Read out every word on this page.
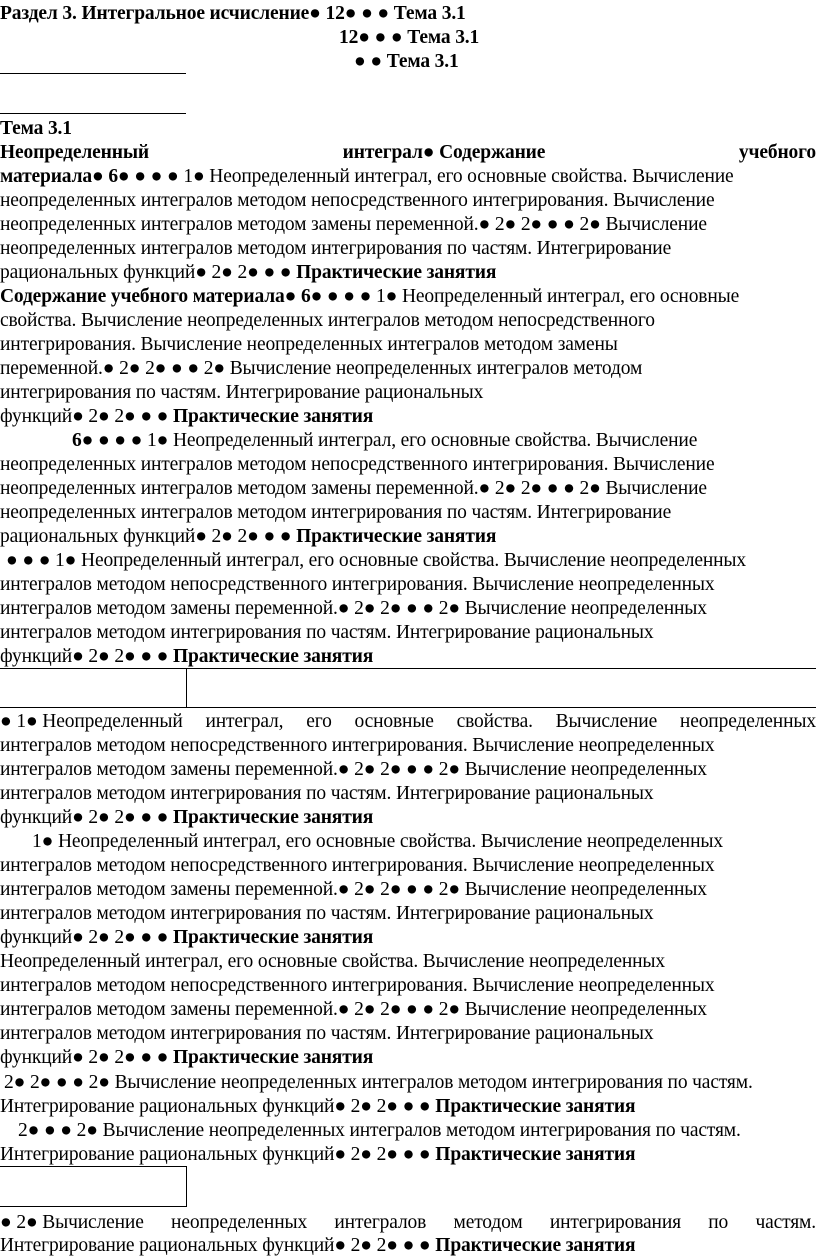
Раздел 3. Интегральное исчисление● 12● ● ● Тема 3.1
12● ● ● Тема 3.1
● ● Тема 3.1
Тема 3.1
Неопределенный	интеграл● Содержание	учебного
материала● 6● ● ● ● 1● Неопределенный интеграл, его основные свойства. Вычисление
неопределенных интегралов методом непосредственного интегрирования. Вычисление
неопределенных интегралов методом замены переменной.● 2● 2● ● ● 2● Вычисление
неопределенных интегралов методом интегрирования по частям. Интегрирование
рациональных функций● 2● 2● ● ● Практические занятия
Содержание учебного материала● 6● ● ● ● 1● Неопределенный интеграл, его основные
свойства. Вычисление неопределенных интегралов методом непосредственного
интегрирования. Вычисление неопределенных интегралов методом замены
переменной.● 2● 2● ● ● 2● Вычисление неопределенных интегралов методом
интегрирования по частям. Интегрирование рациональных
функций● 2● 2● ● ● Практические занятия
6● ● ● ● 1● Неопределенный интеграл, его основные свойства. Вычисление
неопределенных интегралов методом непосредственного интегрирования. Вычисление
неопределенных интегралов методом замены переменной.● 2● 2● ● ● 2● Вычисление
неопределенных интегралов методом интегрирования по частям. Интегрирование
рациональных функций● 2● 2● ● ● Практические занятия
● ● ● 1● Неопределенный интеграл, его основные свойства. Вычисление неопределенных
интегралов методом непосредственного интегрирования. Вычисление неопределенных
интегралов методом замены переменной.● 2● 2● ● ● 2● Вычисление неопределенных
интегралов методом интегрирования по частям. Интегрирование рациональных
функций● 2● 2● ● ● Практические занятия
● 1● Неопределенный интеграл, его основные свойства. Вычисление неопределенных
интегралов методом непосредственного интегрирования. Вычисление неопределенных
интегралов методом замены переменной.● 2● 2● ● ● 2● Вычисление неопределенных
интегралов методом интегрирования по частям. Интегрирование рациональных
функций● 2● 2● ● ● Практические занятия
1● Неопределенный интеграл, его основные свойства. Вычисление неопределенных
интегралов методом непосредственного интегрирования. Вычисление неопределенных
интегралов методом замены переменной.● 2● 2● ● ● 2● Вычисление неопределенных
интегралов методом интегрирования по частям. Интегрирование рациональных
функций● 2● 2● ● ● Практические занятия
Неопределенный интеграл, его основные свойства. Вычисление неопределенных
интегралов методом непосредственного интегрирования. Вычисление неопределенных
интегралов методом замены переменной.● 2● 2● ● ● 2● Вычисление неопределенных
интегралов методом интегрирования по частям. Интегрирование рациональных
функций● 2● 2● ● ● Практические занятия
2● 2● ● ● 2● Вычисление неопределенных интегралов методом интегрирования по частям.
Интегрирование рациональных функций● 2● 2● ● ● Практические занятия
2● ● ● 2● Вычисление неопределенных интегралов методом интегрирования по частям.
Интегрирование рациональных функций● 2● 2● ● ● Практические занятия
● 2● Вычисление неопределенных интегралов методом интегрирования по частям.
Интегрирование рациональных функций● 2● 2● ● ● Практические занятия
